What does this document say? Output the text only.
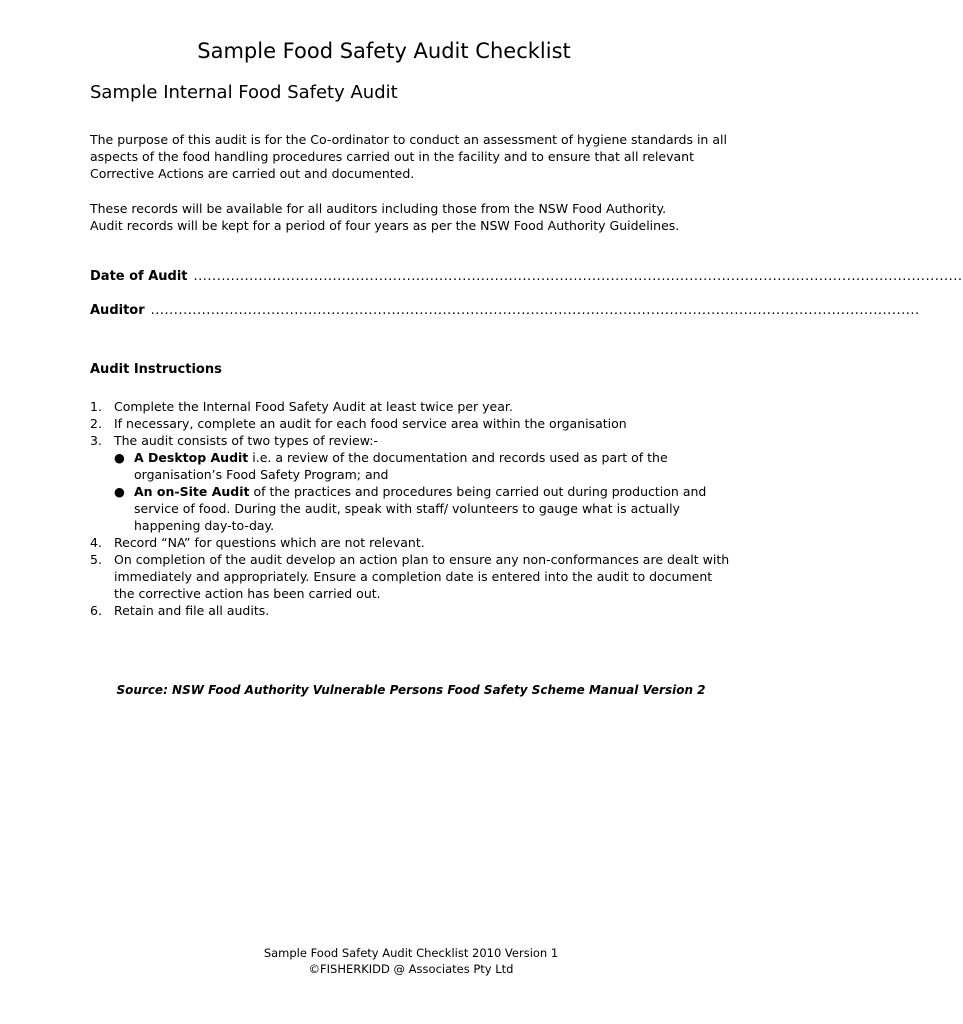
Sample Food Safety Audit Checklist
Sample Internal Food Safety Audit

The purpose of this audit is for the Co-ordinator to conduct an assessment of hygiene standards in all aspects of the food handling procedures carried out in the facility and to ensure that all relevant Corrective Actions are carried out and documented.

These records will be available for all auditors including those from the NSW Food Authority.
Audit records will be kept for a period of four years as per the NSW Food Authority Guidelines.
Date of Audit ......................................................................................................................................................................
Auditor ......................................................................................................................................................................
Audit Instructions
1. Complete the Internal Food Safety Audit at least twice per year.
2. If necessary, complete an audit for each food service area within the organisation
3. The audit consists of two types of review:-
● A Desktop Audit i.e. a review of the documentation and records used as part of the organisation’s Food Safety Program; and
● An on-Site Audit of the practices and procedures being carried out during production and service of food. During the audit, speak with staff/ volunteers to gauge what is actually happening day-to-day.
4. Record “NA” for questions which are not relevant.
5. On completion of the audit develop an action plan to ensure any non-conformances are dealt with immediately and appropriately. Ensure a completion date is entered into the audit to document the corrective action has been carried out.
6. Retain and file all audits.

Source: NSW Food Authority Vulnerable Persons Food Safety Scheme Manual Version 2

Sample Food Safety Audit Checklist 2010 Version 1
©FISHERKIDD @ Associates Pty Ltd
